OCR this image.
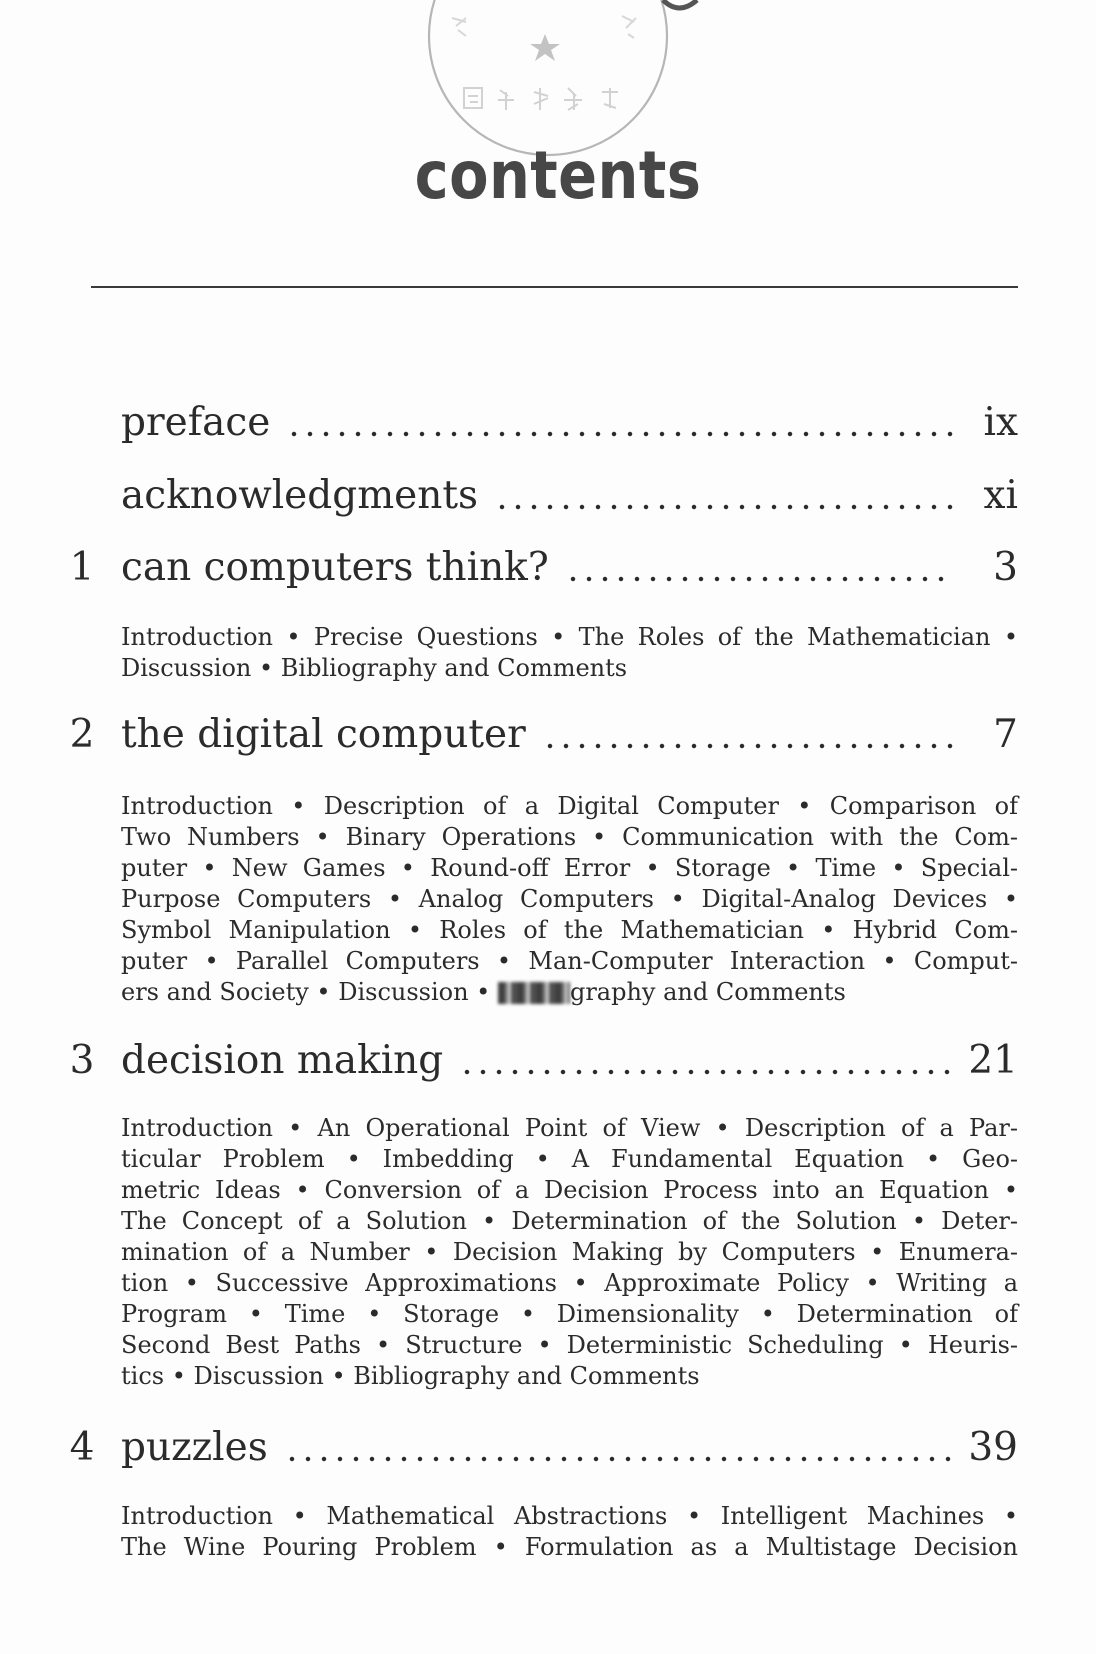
contents
preface	ix
acknowledgments	xi
1 can computers think?	3
Introduction • Precise Questions • The Roles of the Mathematician •
Discussion • Bibliography and Comments
2 the digital computer	7
Introduction • Description of a Digital Computer • Comparison of
Two Numbers • Binary Operations • Communication with the Com-
puter • New Games • Round-off Error • Storage • Time • Special-
Purpose Computers • Analog Computers • Digital-Analog Devices •
Symbol Manipulation • Roles of the Mathematician • Hybrid Com-
puter • Parallel Computers • Man-Computer Interaction • Comput-
ers and Society • Discussion •	graphy and Comments
3 decision making	21
Introduction • An Operational Point of View • Description of a Par-
ticular Problem • Imbedding • A Fundamental Equation • Geo-
metric Ideas • Conversion of a Decision Process into an Equation •
The Concept of a Solution • Determination of the Solution • Deter-
mination of a Number • Decision Making by Computers • Enumera-
tion • Successive Approximations • Approximate Policy • Writing a
Program • Time • Storage • Dimensionality • Determination of
Second Best Paths • Structure • Deterministic Scheduling • Heuris-
tics • Discussion • Bibliography and Comments
4 puzzles	39
Introduction • Mathematical Abstractions • Intelligent Machines •
The Wine Pouring Problem • Formulation as a Multistage Decision
